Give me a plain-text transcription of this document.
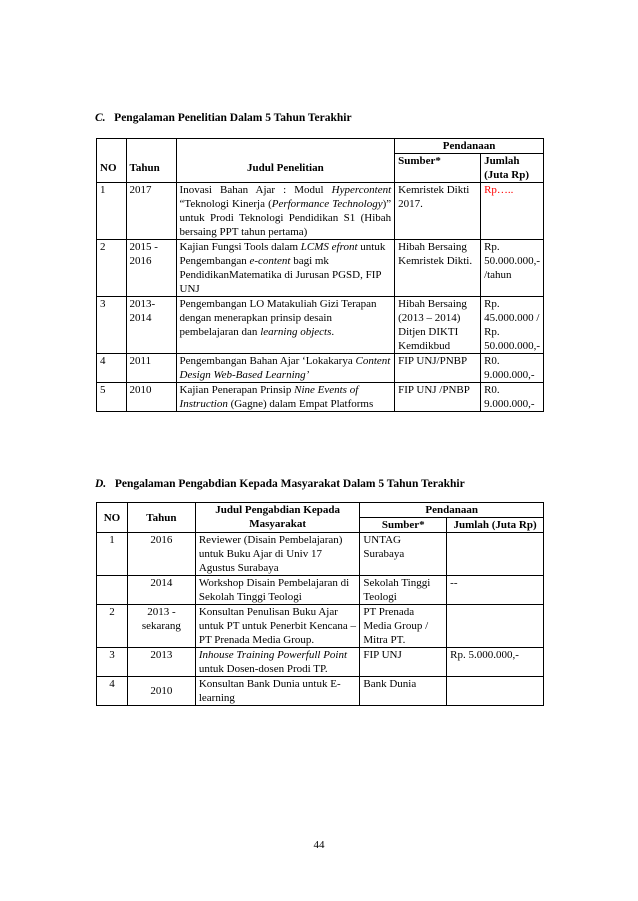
C. Pengalaman Penelitian Dalam 5 Tahun Terakhir
			Pendanaan	
NO	Tahun	Judul Penelitian	Sumber*	Jumlah (Juta Rp)
1	2017	Inovasi Bahan Ajar : Modul Hypercontent “Teknologi Kinerja (Performance Technology)” untuk Prodi Teknologi Pendidikan S1 (Hibah bersaing PPT tahun pertama)	Kemristek Dikti 2017.	Rp…..
2	2015 - 2016	Kajian Fungsi Tools dalam LCMS efront untuk Pengembangan e-content bagi mk PendidikanMatematika di Jurusan PGSD, FIP UNJ	Hibah Bersaing Kemristek Dikti.	Rp. 50.000.000,- /tahun
3	2013-2014	Pengembangan LO Matakuliah Gizi Terapan dengan menerapkan prinsip desain pembelajaran dan learning objects.	Hibah Bersaing (2013 – 2014) Ditjen DIKTI Kemdikbud	Rp. 45.000.000 / Rp. 50.000.000,-
4	2011	Pengembangan Bahan Ajar ‘Lokakarya Content Design Web-Based Learning’	FIP UNJ/PNBP	R0. 9.000.000,-
5	2010	Kajian Penerapan Prinsip Nine Events of Instruction (Gagne) dalam Empat Platforms	FIP UNJ /PNBP	R0. 9.000.000,-
D. Pengalaman Pengabdian Kepada Masyarakat Dalam 5 Tahun Terakhir
NO	Tahun	Judul Pengabdian Kepada Masyarakat	Pendanaan	
			Sumber*	Jumlah (Juta Rp)
1	2016	Reviewer (Disain Pembelajaran) untuk Buku Ajar di Univ 17 Agustus Surabaya	UNTAG Surabaya	
	2014	Workshop Disain Pembelajaran di Sekolah Tinggi Teologi	Sekolah Tinggi Teologi	--
2	2013 - sekarang	Konsultan Penulisan Buku Ajar untuk PT untuk Penerbit Kencana – PT Prenada Media Group.	PT Prenada Media Group / Mitra PT.	
3	2013	Inhouse Training Powerfull Point untuk Dosen-dosen Prodi TP.	FIP UNJ	Rp. 5.000.000,-
4	2010	Konsultan Bank Dunia untuk E-learning	Bank Dunia	
44
